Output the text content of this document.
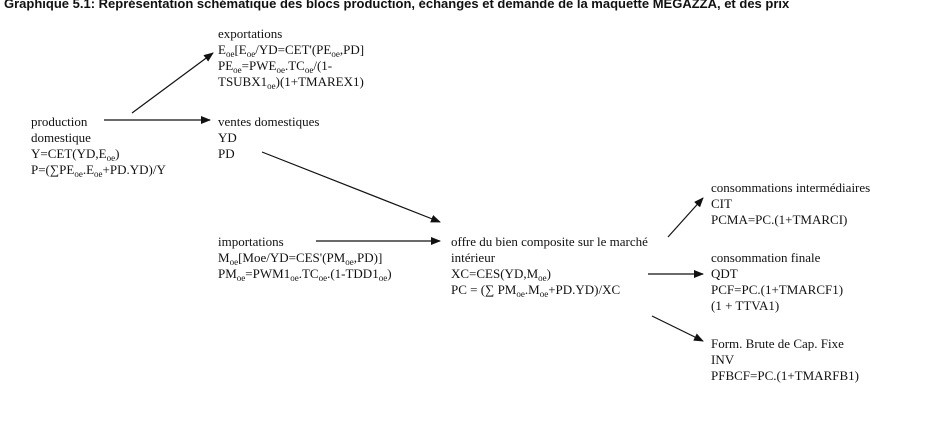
Graphique 5.1: Représentation schématique des blocs production, échanges et demande de la maquette MEGAZZA, et des prix
production
domestique
$Y=CET(YD,E_{oe})$
$P=(\sum PE_{oe}.E_{oe}+PD.YD)/Y$
exportations
$E_{oe}[E_{oe}/YD=CET'(PE_{oe},PD]$
$PE_{oe}=PWE_{oe}.TC_{oe}/(1-$
$TSUBX1_{oe})(1+TMAREX1)$
ventes domestiques
YD
PD
importations
$M_{oe}[Moe/YD=CES'(PM_{oe},PD)]$
$PM_{oe}=PWM1_{oe}.TC_{oe}.(1-TDD1_{oe})$
offre du bien composite sur le marché
intérieur
$XC=CES(YD,M_{oe})$
PC = (∑ $PM_{oe}.M_{oe}+PD.YD)/XC$
consommations intermédiaires
CIT
PCMA=PC.(1+TMARCI)
consommation finale
QDT
PCF=PC.(1+TMARCF1)
(1 + TTVA1)
Form. Brute de Cap. Fixe
INV
PFBCF=PC.(1+TMARFB1)
